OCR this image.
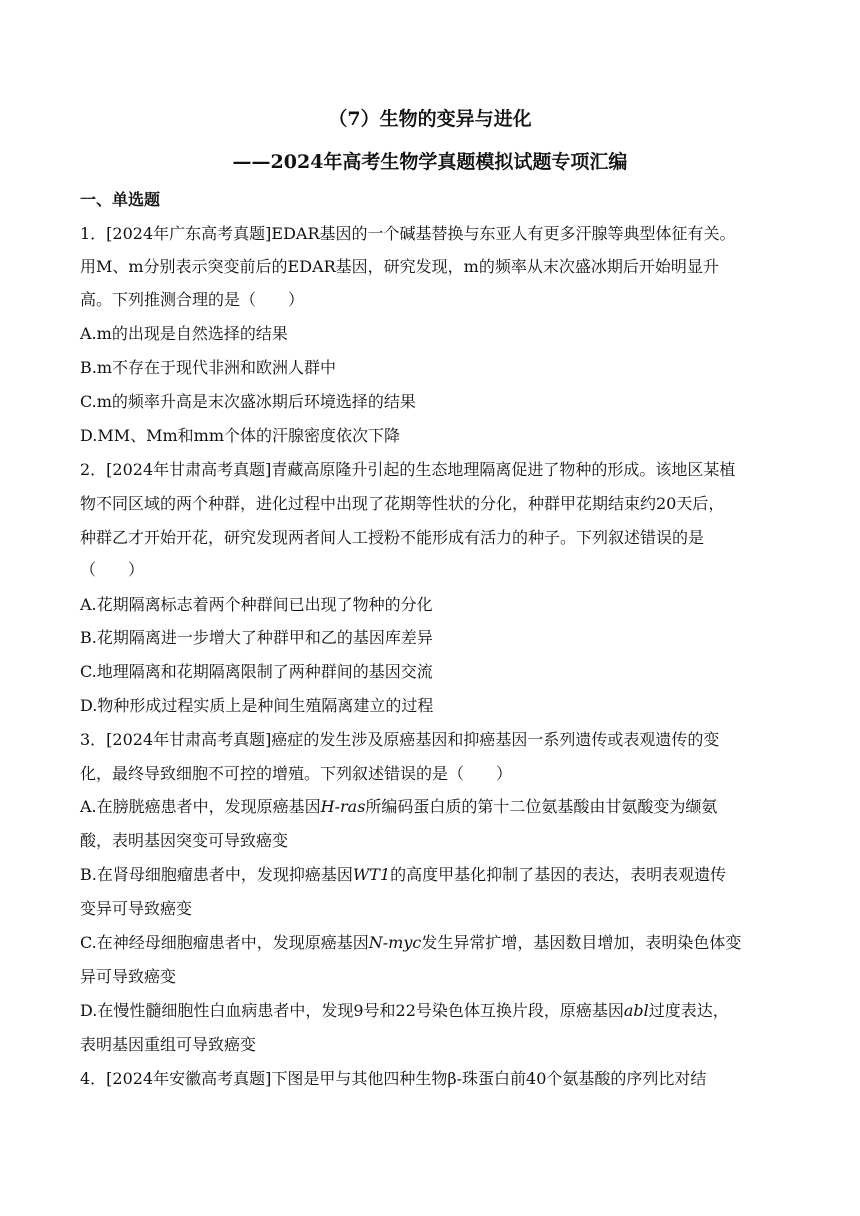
（7）生物的变异与进化
——2024年高考生物学真题模拟试题专项汇编
一、单选题
1．[2024年广东高考真题]EDAR基因的一个碱基替换与东亚人有更多汗腺等典型体征有关。
用M、m分别表示突变前后的EDAR基因，研究发现，m的频率从末次盛冰期后开始明显升
高。下列推测合理的是（　　）
A.m的出现是自然选择的结果
B.m不存在于现代非洲和欧洲人群中
C.m的频率升高是末次盛冰期后环境选择的结果
D.MM、Mm和mm个体的汗腺密度依次下降
2．[2024年甘肃高考真题]青藏高原隆升引起的生态地理隔离促进了物种的形成。该地区某植
物不同区域的两个种群，进化过程中出现了花期等性状的分化，种群甲花期结束约20天后，
种群乙才开始开花，研究发现两者间人工授粉不能形成有活力的种子。下列叙述错误的是
（　　）
A.花期隔离标志着两个种群间已出现了物种的分化
B.花期隔离进一步增大了种群甲和乙的基因库差异
C.地理隔离和花期隔离限制了两种群间的基因交流
D.物种形成过程实质上是种间生殖隔离建立的过程
3．[2024年甘肃高考真题]癌症的发生涉及原癌基因和抑癌基因一系列遗传或表观遗传的变
化，最终导致细胞不可控的增殖。下列叙述错误的是（　　）
A.在膀胱癌患者中，发现原癌基因H-ras所编码蛋白质的第十二位氨基酸由甘氨酸变为缬氨
酸，表明基因突变可导致癌变
B.在肾母细胞瘤患者中，发现抑癌基因WT1的高度甲基化抑制了基因的表达，表明表观遗传
变异可导致癌变
C.在神经母细胞瘤患者中，发现原癌基因N-myc发生异常扩增，基因数目增加，表明染色体变
异可导致癌变
D.在慢性髓细胞性白血病患者中，发现9号和22号染色体互换片段，原癌基因abl过度表达，
表明基因重组可导致癌变
4．[2024年安徽高考真题]下图是甲与其他四种生物β-珠蛋白前40个氨基酸的序列比对结
